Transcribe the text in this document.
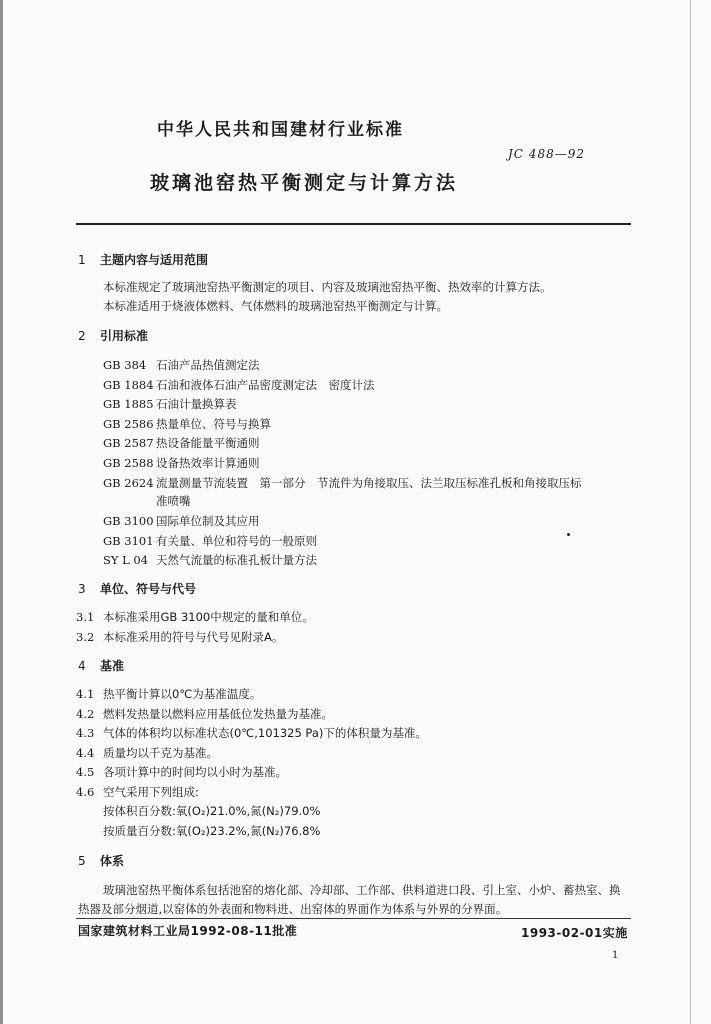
中华人民共和国建材行业标准
JC 488—92
玻璃池窑热平衡测定与计算方法
1 主题内容与适用范围
本标准规定了玻璃池窑热平衡测定的项目、内容及玻璃池窑热平衡、热效率的计算方法。
本标准适用于烧液体燃料、气体燃料的玻璃池窑热平衡测定与计算。
2 引用标准
GB 384 石油产品热值测定法
GB 1884 石油和液体石油产品密度测定法　密度计法
GB 1885 石油计量换算表
GB 2586 热量单位、符号与换算
GB 2587 热设备能量平衡通则
GB 2588 设备热效率计算通则
GB 2624 流量测量节流装置　第一部分　节流件为角接取压、法兰取压标准孔板和角接取压标
准喷嘴
GB 3100 国际单位制及其应用
GB 3101 有关量、单位和符号的一般原则
SY L 04 天然气流量的标准孔板计量方法
3 单位、符号与代号
3.1 本标准采用GB 3100中规定的量和单位。
3.2 本标准采用的符号与代号见附录A。
4 基准
4.1 热平衡计算以0℃为基准温度。
4.2 燃料发热量以燃料应用基低位发热量为基准。
4.3 气体的体积均以标准状态(0℃,101325 Pa)下的体积量为基准。
4.4 质量均以千克为基准。
4.5 各项计算中的时间均以小时为基准。
4.6 空气采用下列组成:
按体积百分数:氧(O₂)21.0%,氮(N₂)79.0%
按质量百分数:氧(O₂)23.2%,氮(N₂)76.8%
5 体系
玻璃池窑热平衡体系包括池窑的熔化部、冷却部、工作部、供料道进口段、引上室、小炉、蓄热室、换
热器及部分烟道,以窑体的外表面和物料进、出窑体的界面作为体系与外界的分界面。
国家建筑材料工业局1992-08-11批准	1993-02-01实施
1
